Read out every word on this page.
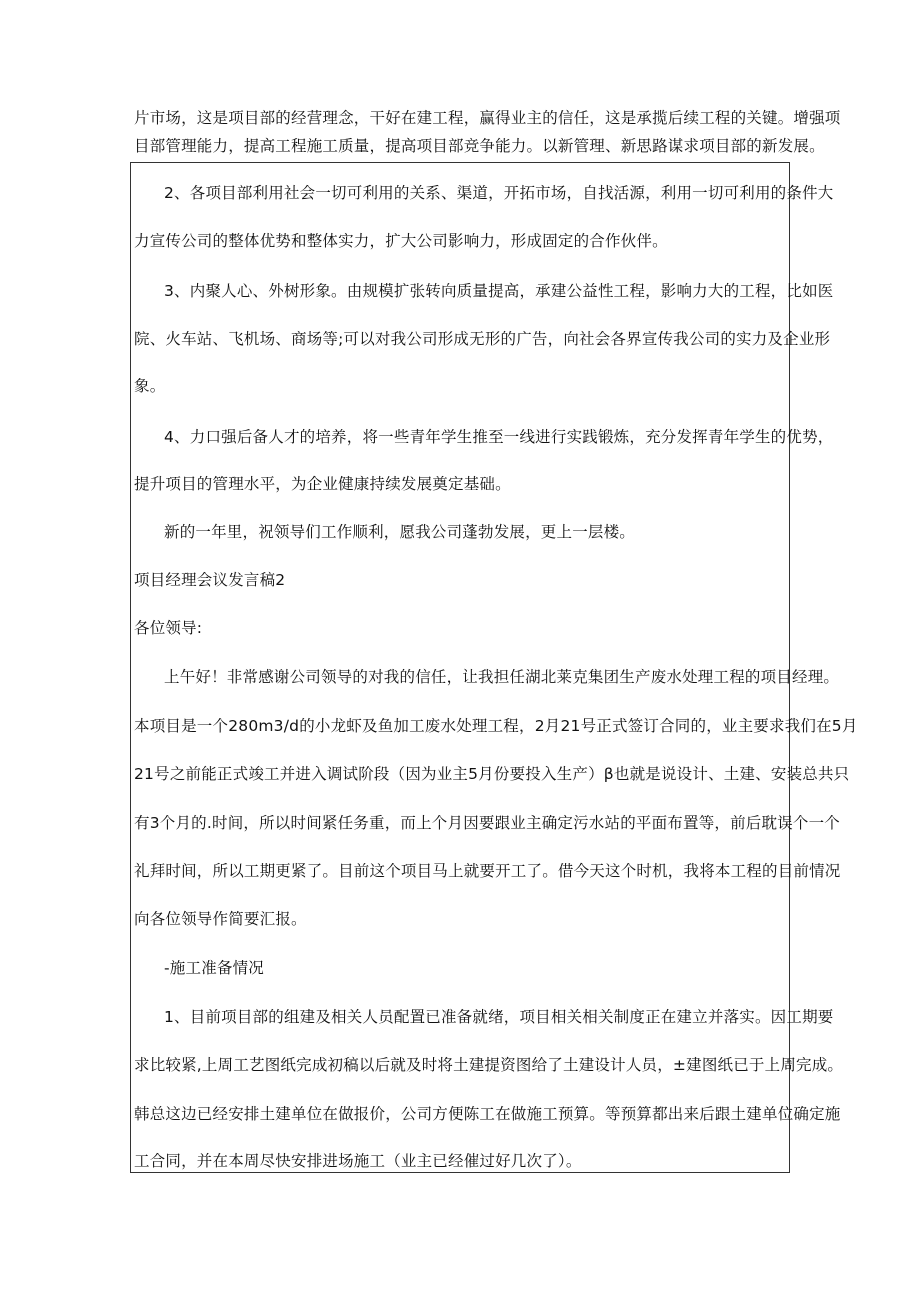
片市场，这是项目部的经营理念，干好在建工程，赢得业主的信任，这是承揽后续工程的关键。增强项
目部管理能力，提高工程施工质量，提高项目部竞争能力。以新管理、新思路谋求项目部的新发展。
2、各项目部利用社会一切可利用的关系、渠道，开拓市场，自找活源，利用一切可利用的条件大
力宣传公司的整体优势和整体实力，扩大公司影响力，形成固定的合作伙伴。
3、内聚人心、外树形象。由规模扩张转向质量提高，承建公益性工程，影响力大的工程，比如医
院、火车站、飞机场、商场等;可以对我公司形成无形的广告，向社会各界宣传我公司的实力及企业形
象。
4、力口强后备人才的培养，将一些青年学生推至一线进行实践锻炼，充分发挥青年学生的优势，
提升项目的管理水平，为企业健康持续发展奠定基础。
新的一年里，祝领导们工作顺利，愿我公司蓬勃发展，更上一层楼。
项目经理会议发言稿2
各位领导:
上午好！非常感谢公司领导的对我的信任，让我担任湖北莱克集团生产废水处理工程的项目经理。
本项目是一个280m3∕d的小龙虾及鱼加工废水处理工程，2月21号正式签订合同的，业主要求我们在5月
21号之前能正式竣工并进入调试阶段（因为业主5月份要投入生产）β也就是说设计、土建、安装总共只
有3个月的.时间，所以时间紧任务重，而上个月因要跟业主确定污水站的平面布置等，前后耽误个一个
礼拜时间，所以工期更紧了。目前这个项目马上就要开工了。借今天这个时机，我将本工程的目前情况
向各位领导作简要汇报。
-施工准备情况
1、目前项目部的组建及相关人员配置已准备就绪，项目相关相关制度正在建立并落实。因工期要
求比较紧,上周工艺图纸完成初稿以后就及时将土建提资图给了土建设计人员，±建图纸已于上周完成。
韩总这边已经安排土建单位在做报价，公司方便陈工在做施工预算。等预算都出来后跟土建单位确定施
工合同，并在本周尽快安排进场施工（业主已经催过好几次了）。
